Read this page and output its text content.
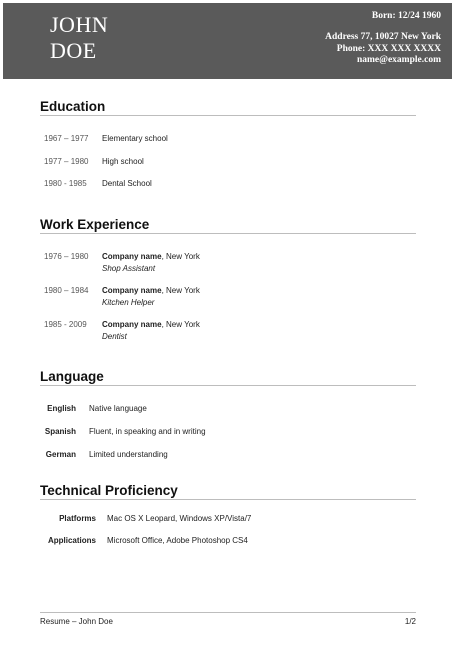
JOHN
DOE
Born: 12/24 1960
Address 77, 10027 New York
Phone: XXX XXX XXXX
name@example.com
Education
1967 – 1977 Elementary school
1977 – 1980 High school
1980 - 1985 Dental School
Work Experience
1976 – 1980 Company name, New York
Shop Assistant
1980 – 1984 Company name, New York
Kitchen Helper
1985 - 2009 Company name, New York
Dentist
Language
English Native language
Spanish Fluent, in speaking and in writing
German Limited understanding
Technical Proficiency
Platforms Mac OS X Leopard, Windows XP/Vista/7
Applications Microsoft Office, Adobe Photoshop CS4
Resume – John Doe	1/2
